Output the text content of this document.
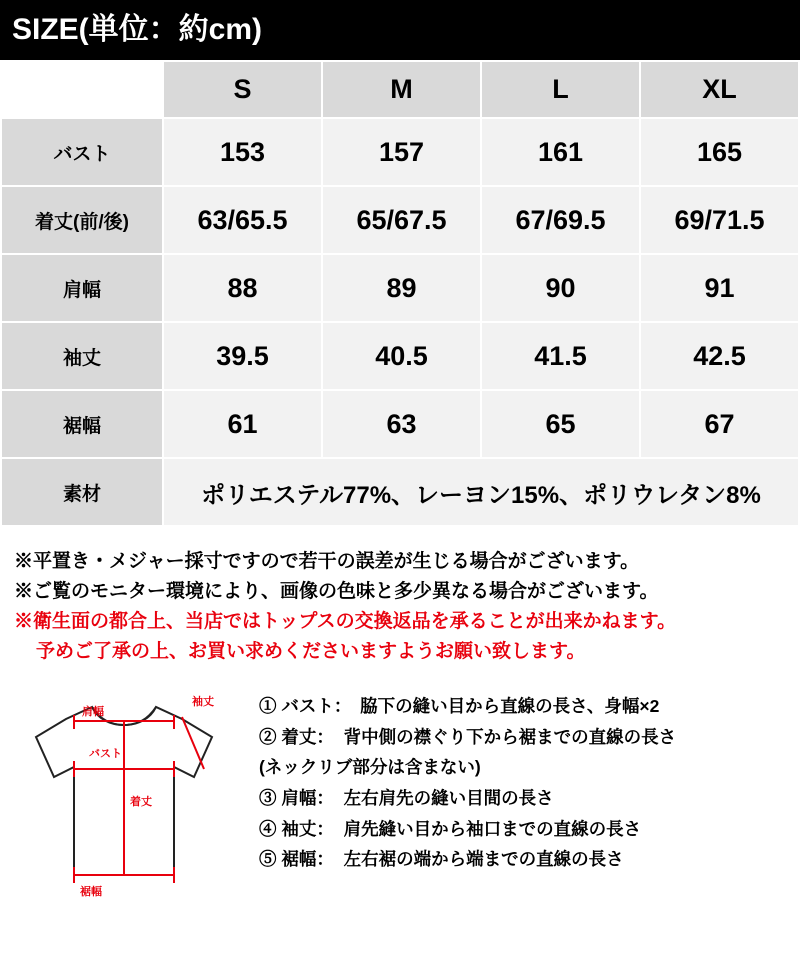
SIZE(単位：約cm)
	S	M	L	XL
バスト	153	157	161	165
着丈(前/後)	63/65.5	65/67.5	67/69.5	69/71.5
肩幅	88	89	90	91
袖丈	39.5	40.5	41.5	42.5
裾幅	61	63	65	67
素材	ポリエステル77%、レーヨン15%、ポリウレタン8%			
※平置き・メジャー採寸ですので若干の誤差が生じる場合がございます。
※ご覧のモニター環境により、画像の色味と多少異なる場合がございます。
※衛生面の都合上、当店ではトップスの交換返品を承ることが出来かねます。
予めご了承の上、お買い求めくださいますようお願い致します。
袖丈
肩幅
バスト
着丈
裾幅
① バスト：　脇下の縫い目から直線の長さ、身幅×2
② 着丈：  背中側の襟ぐり下から裾までの直線の長さ
(ネックリブ部分は含まない)
③ 肩幅：  左右肩先の縫い目間の長さ
④ 袖丈：  肩先縫い目から袖口までの直線の長さ
⑤ 裾幅：  左右裾の端から端までの直線の長さ
